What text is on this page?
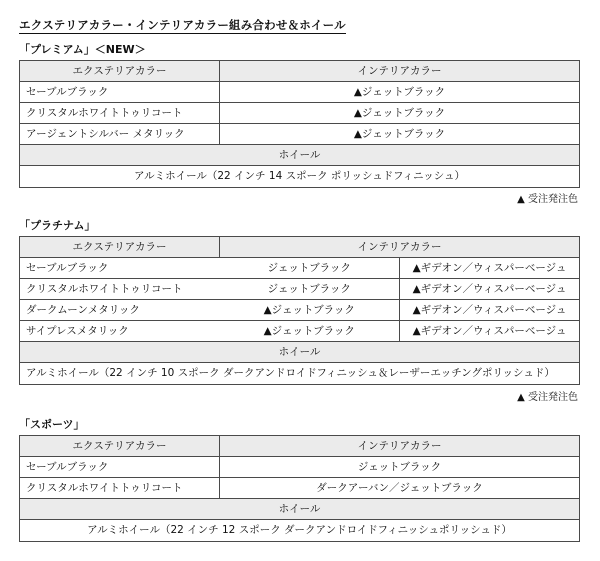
エクステリアカラー・インテリアカラー組み合わせ＆ホイール
「プレミアム」＜NEW＞
エクステリアカラー	インテリアカラー
セーブルブラック	▲ジェットブラック
クリスタルホワイトトゥリコート	▲ジェットブラック
アージェントシルバー メタリック	▲ジェットブラック
ホイール	
アルミホイール（22 インチ 14 スポーク ポリッシュドフィニッシュ）	
▲ 受注発注色
「プラチナム」
エクステリアカラー	インテリアカラー	
セーブルブラック	ジェットブラック	▲ギデオン／ウィスパーベージュ
クリスタルホワイトトゥリコート	ジェットブラック	▲ギデオン／ウィスパーベージュ
ダークムーンメタリック	▲ジェットブラック	▲ギデオン／ウィスパーベージュ
サイプレスメタリック	▲ジェットブラック	▲ギデオン／ウィスパーベージュ
ホイール		
アルミホイール（22 インチ 10 スポーク ダークアンドロイドフィニッシュ＆レーザーエッチングポリッシュド）		
▲ 受注発注色
「スポーツ」
エクステリアカラー	インテリアカラー
セーブルブラック	ジェットブラック
クリスタルホワイトトゥリコート	ダークアーバン／ジェットブラック
ホイール	
アルミホイール（22 インチ 12 スポーク ダークアンドロイドフィニッシュポリッシュド）	
